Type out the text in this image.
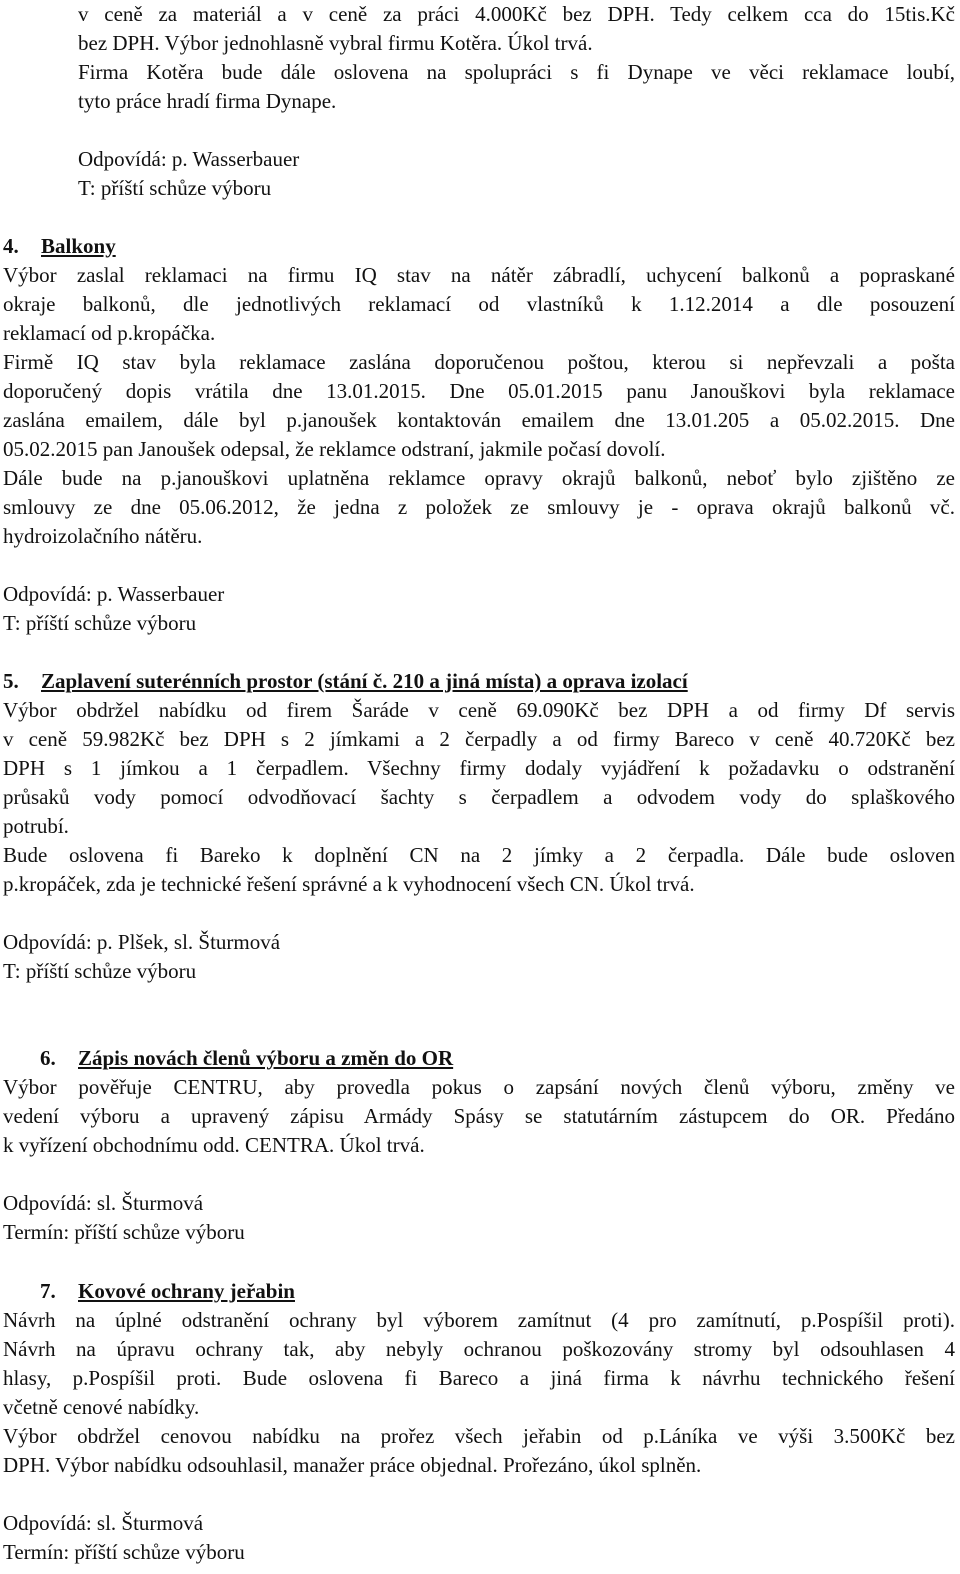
v ceně za materiál a v ceně za práci 4.000Kč bez DPH. Tedy celkem cca do 15tis.Kč
bez DPH. Výbor jednohlasně vybral firmu Kotěra. Úkol trvá.
Firma Kotěra bude dále oslovena na spolupráci s fi Dynape ve věci reklamace loubí,
tyto práce hradí firma Dynape.
Odpovídá: p. Wasserbauer
T: příští schůze výboru
4. Balkony
Výbor zaslal reklamaci na firmu IQ stav na nátěr zábradlí, uchycení balkonů a popraskané
okraje balkonů, dle jednotlivých reklamací od vlastníků k 1.12.2014 a dle posouzení
reklamací od p.kropáčka.
Firmě IQ stav byla reklamace zaslána doporučenou poštou, kterou si nepřevzali a pošta
doporučený dopis vrátila dne 13.01.2015. Dne 05.01.2015 panu Janouškovi byla reklamace
zaslána emailem, dále byl p.janoušek kontaktován emailem dne 13.01.205 a 05.02.2015. Dne
05.02.2015 pan Janoušek odepsal, že reklamce odstraní, jakmile počasí dovolí.
Dále bude na p.janouškovi uplatněna reklamce opravy okrajů balkonů, neboť bylo zjištěno ze
smlouvy ze dne 05.06.2012, že jedna z položek ze smlouvy je - oprava okrajů balkonů vč.
hydroizolačního nátěru.
Odpovídá: p. Wasserbauer
T: příští schůze výboru
5. Zaplavení suterénních prostor (stání č. 210 a jiná místa) a oprava izolací
Výbor obdržel nabídku od firem Šaráde v ceně 69.090Kč bez DPH a od firmy Df servis
v ceně 59.982Kč bez DPH s 2 jímkami a 2 čerpadly a od firmy Bareco v ceně 40.720Kč bez
DPH s 1 jímkou a 1 čerpadlem. Všechny firmy dodaly vyjádření k požadavku o odstranění
průsaků vody pomocí odvodňovací šachty s čerpadlem a odvodem vody do splaškového
potrubí.
Bude oslovena fi Bareko k doplnění CN na 2 jímky a 2 čerpadla. Dále bude osloven
p.kropáček, zda je technické řešení správné a k vyhodnocení všech CN. Úkol trvá.
Odpovídá: p. Plšek, sl. Šturmová
T: příští schůze výboru
6. Zápis novách členů výboru a změn do OR
Výbor pověřuje CENTRU, aby provedla pokus o zapsání nových členů výboru, změny ve
vedení výboru a upravený zápisu Armády Spásy se statutárním zástupcem do OR. Předáno
k vyřízení obchodnímu odd. CENTRA. Úkol trvá.
Odpovídá: sl. Šturmová
Termín: příští schůze výboru
7. Kovové ochrany jeřabin
Návrh na úplné odstranění ochrany byl výborem zamítnut (4 pro zamítnutí, p.Pospíšil proti).
Návrh na úpravu ochrany tak, aby nebyly ochranou poškozovány stromy byl odsouhlasen 4
hlasy, p.Pospíšil proti. Bude oslovena fi Bareco a jiná firma k návrhu technického řešení
včetně cenové nabídky.
Výbor obdržel cenovou nabídku na prořez všech jeřabin od p.Láníka ve výši 3.500Kč bez
DPH. Výbor nabídku odsouhlasil, manažer práce objednal. Prořezáno, úkol splněn.
Odpovídá: sl. Šturmová
Termín: příští schůze výboru
